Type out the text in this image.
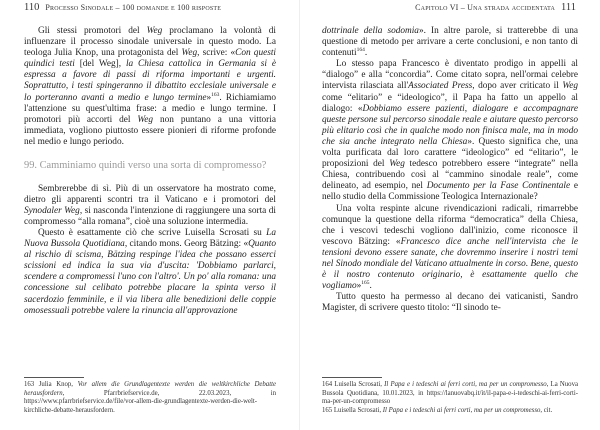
110 Processo Sinodale – 100 domande e 100 risposte

Gli stessi promotori del Weg proclamano la volontà di influenzare il processo sinodale universale in questo modo. La teologa Julia Knop, una protagonista del Weg, scrive: «Con questi quindici testi [del Weg], la Chiesa cattolica in Germania si è espressa a favore di passi di riforma importanti e urgenti. Soprattutto, i testi spingeranno il dibattito ecclesiale universale e lo porteranno avanti a medio e lungo termine»$^{163}$. Richiamiamo l'attenzione su quest'ultima frase: a medio e lungo termine. I promotori più accorti del Weg non puntano a una vittoria immediata, vogliono piuttosto essere pionieri di riforme profonde nel medio e lungo periodo.

99. Camminiamo quindi verso una sorta di compromesso?

Sembrerebbe di sì. Più di un osservatore ha mostrato come, dietro gli apparenti scontri tra il Vaticano e i promotori del Synodaler Weg, si nasconda l'intenzione di raggiungere una sorta di compromesso “alla romana”, cioè una soluzione intermedia.

Questo è esattamente ciò che scrive Luisella Scrosati su La Nuova Bussola Quotidiana, citando mons. Georg Bätzing: «Quanto al rischio di scisma, Bätzing respinge l'idea che possano esserci scissioni ed indica la sua via d'uscita: 'Dobbiamo parlarci, scendere a compromessi l'uno con l'altro'. Un po' alla romana: una concessione sul celibato potrebbe placare la spinta verso il sacerdozio femminile, e il via libera alle benedizioni delle coppie omosessuali potrebbe valere la rinuncia all'approvazione

163 Julia Knop, Vor allem die Grundlagentexte werden die weltkirchliche Debatte herausfordern, Pfarrbriefservice.de, 22.03.2023, in https://www.pfarrbriefservice.de/file/vor-allem-die-grundlagentexte-werden-die-welt-kirchliche-debatte-herausfordern.
Capitolo VI – Una strada accidentata 111

dottrinale della sodomia». In altre parole, si tratterebbe di una questione di metodo per arrivare a certe conclusioni, e non tanto di contenuti$^{164}$.

Lo stesso papa Francesco è diventato prodigo in appelli al “dialogo” e alla “concordia”. Come citato sopra, nell'ormai celebre intervista rilasciata all'Associated Press, dopo aver criticato il Weg come “elitario” e “ideologico”, il Papa ha fatto un appello al dialogo: «Dobbiamo essere pazienti, dialogare e accompagnare queste persone sul percorso sinodale reale e aiutare questo percorso più elitario così che in qualche modo non finisca male, ma in modo che sia anche integrato nella Chiesa». Questo significa che, una volta purificata dal loro carattere “ideologico” ed “elitario”, le proposizioni del Weg tedesco potrebbero essere “integrate” nella Chiesa, contribuendo così al “cammino sinodale reale”, come delineato, ad esempio, nel Documento per la Fase Continentale e nello studio della Commissione Teologica Internazionale?

Una volta respinte alcune rivendicazioni radicali, rimarrebbe comunque la questione della riforma “democratica” della Chiesa, che i vescovi tedeschi vogliono dall'inizio, come riconosce il vescovo Bätzing: «Francesco dice anche nell'intervista che le tensioni devono essere sanate, che dovremmo inserire i nostri temi nel Sinodo mondiale del Vaticano attualmente in corso. Bene, questo è il nostro contenuto originario, è esattamente quello che vogliamo»$^{165}$.

Tutto questo ha permesso al decano dei vaticanisti, Sandro Magister, di scrivere questo titolo: “Il sinodo te-

164 Luisella Scrosati, Il Papa e i tedeschi ai ferri corti, ma per un compromesso, La Nuova Bussola Quotidiana, 10.01.2023, in https://lanuovabq.it/it/il-papa-e-i-tedeschi-ai-ferri-corti-ma-per-un-compromesso
165 Luisella Scrosati, Il Papa e i tedeschi ai ferri corti, ma per un compromesso, cit.
